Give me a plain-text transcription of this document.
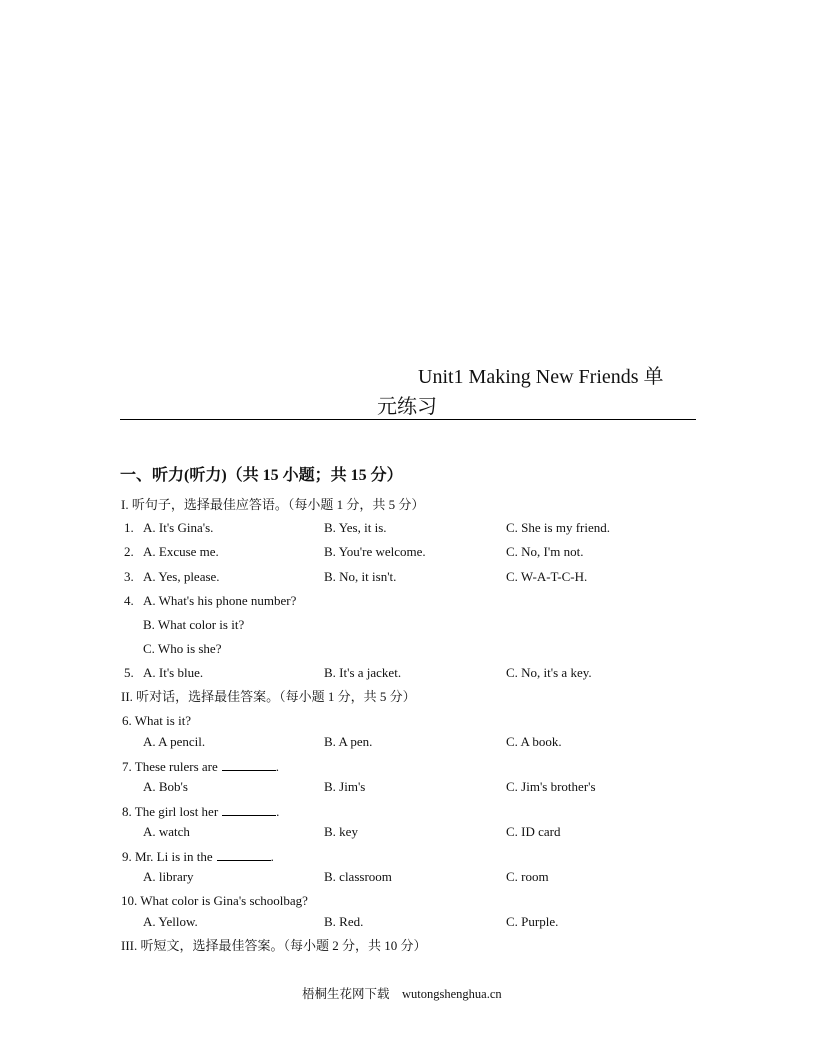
Unit1 Making New Friends 单
元练习
一、听力(听力)（共 15 小题；共 15 分）
I. 听句子，选择最佳应答语。（每小题 1 分，共 5 分）
1. A. It's Gina's.	B. Yes, it is.	C. She is my friend.
2. A. Excuse me.	B. You're welcome.	C. No, I'm not.
3. A. Yes, please.	B. No, it isn't.	C. W-A-T-C-H.
4. A. What's his phone number?
B. What color is it?
C. Who is she?
5. A. It's blue.	B. It's a jacket.	C. No, it's a key.
II. 听对话，选择最佳答案。（每小题 1 分，共 5 分）
6. What is it?
A. A pencil.	B. A pen.	C. A book.
7. These rulers are	.
A. Bob's	B. Jim's	C. Jim's brother's
8. The girl lost her	.
A. watch	B. key	C. ID card
9. Mr. Li is in the	.
A. library	B. classroom	C. room
10. What color is Gina's schoolbag?
A. Yellow.	B. Red.	C. Purple.
III. 听短文，选择最佳答案。（每小题 2 分，共 10 分）
梧桐生花网下载    wutongshenghua.cn
